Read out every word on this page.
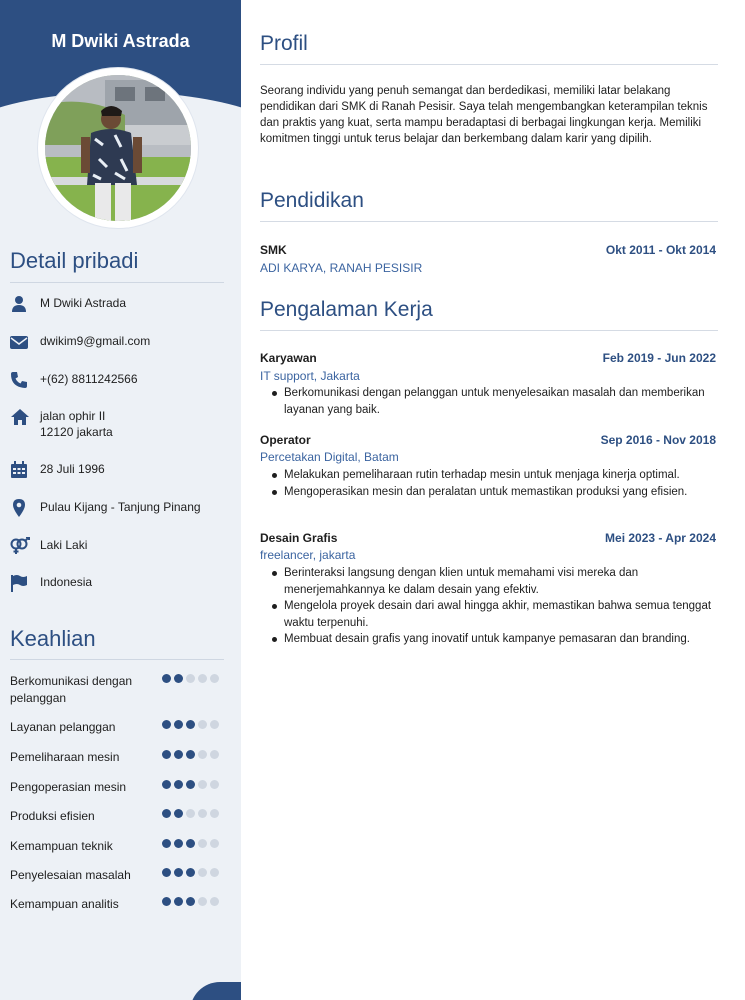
M Dwiki Astrada
Detail pribadi
M Dwiki Astrada
dwikim9@gmail.com
+(62) 8811242566
jalan ophir II
12120 jakarta
28 Juli 1996
Pulau Kijang - Tanjung Pinang
Laki Laki
Indonesia
Keahlian
Berkomunikasi dengan
pelanggan
Layanan pelanggan
Pemeliharaan mesin
Pengoperasian mesin
Produksi efisien
Kemampuan teknik
Penyelesaian masalah
Kemampuan analitis
Profil
Seorang individu yang penuh semangat dan berdedikasi, memiliki latar belakang pendidikan dari SMK di Ranah Pesisir. Saya telah mengembangkan keterampilan teknis dan praktis yang kuat, serta mampu beradaptasi di berbagai lingkungan kerja. Memiliki komitmen tinggi untuk terus belajar dan berkembang dalam karir yang dipilih.
Pendidikan
SMK	Okt 2011 - Okt 2014
ADI KARYA, RANAH PESISIR
Pengalaman Kerja
Karyawan	Feb 2019 - Jun 2022
IT support, Jakarta
Berkomunikasi dengan pelanggan untuk menyelesaikan masalah dan memberikan layanan yang baik.
Operator	Sep 2016 - Nov 2018
Percetakan Digital, Batam
Melakukan pemeliharaan rutin terhadap mesin untuk menjaga kinerja optimal.
Mengoperasikan mesin dan peralatan untuk memastikan produksi yang efisien.
Desain Grafis	Mei 2023 - Apr 2024
freelancer, jakarta
Berinteraksi langsung dengan klien untuk memahami visi mereka dan menerjemahkannya ke dalam desain yang efektiv.
Mengelola proyek desain dari awal hingga akhir, memastikan bahwa semua tenggat waktu terpenuhi.
Membuat desain grafis yang inovatif untuk kampanye pemasaran dan branding.
